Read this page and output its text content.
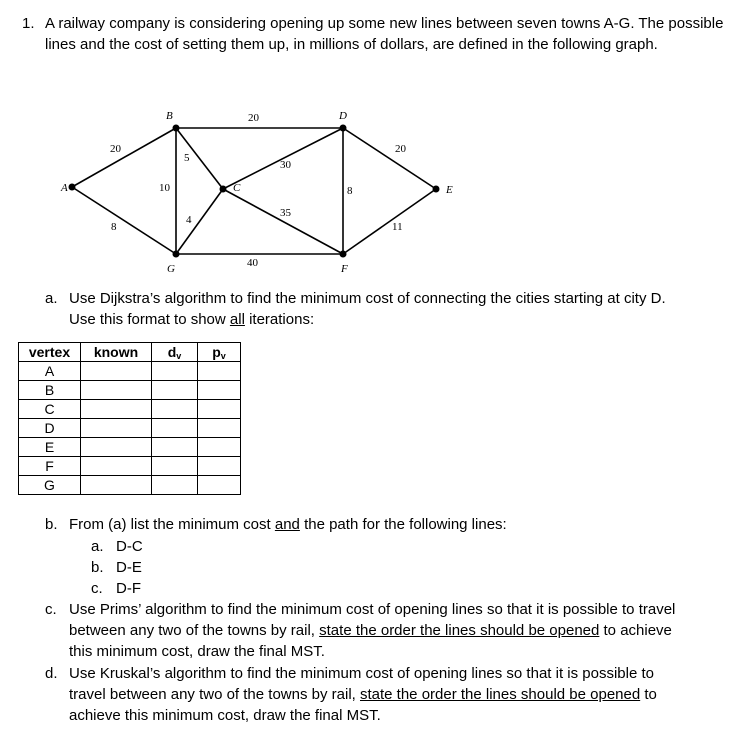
1. A railway company is considering opening up some new lines between seven towns A-G. The possible lines and the cost of setting them up, in millions of dollars, are defined in the following graph.
A
B
C
D
E
F
G
20
8
20
10
5
4
30
35
8
20
11
40
a. Use Dijkstra’s algorithm to find the minimum cost of connecting the cities starting at city D.
Use this format to show all iterations:
vertex	known	$d_v$	$p_v$
A			
B			
C			
D			
E			
F			
G			
b. From (a) list the minimum cost and the path for the following lines:
a. D-C
b. D-E
c. D-F
c. Use Prims’ algorithm to find the minimum cost of opening lines so that it is possible to travel
between any two of the towns by rail, state the order the lines should be opened to achieve
this minimum cost, draw the final MST.
d. Use Kruskal’s algorithm to find the minimum cost of opening lines so that it is possible to
travel between any two of the towns by rail, state the order the lines should be opened to
achieve this minimum cost, draw the final MST.
